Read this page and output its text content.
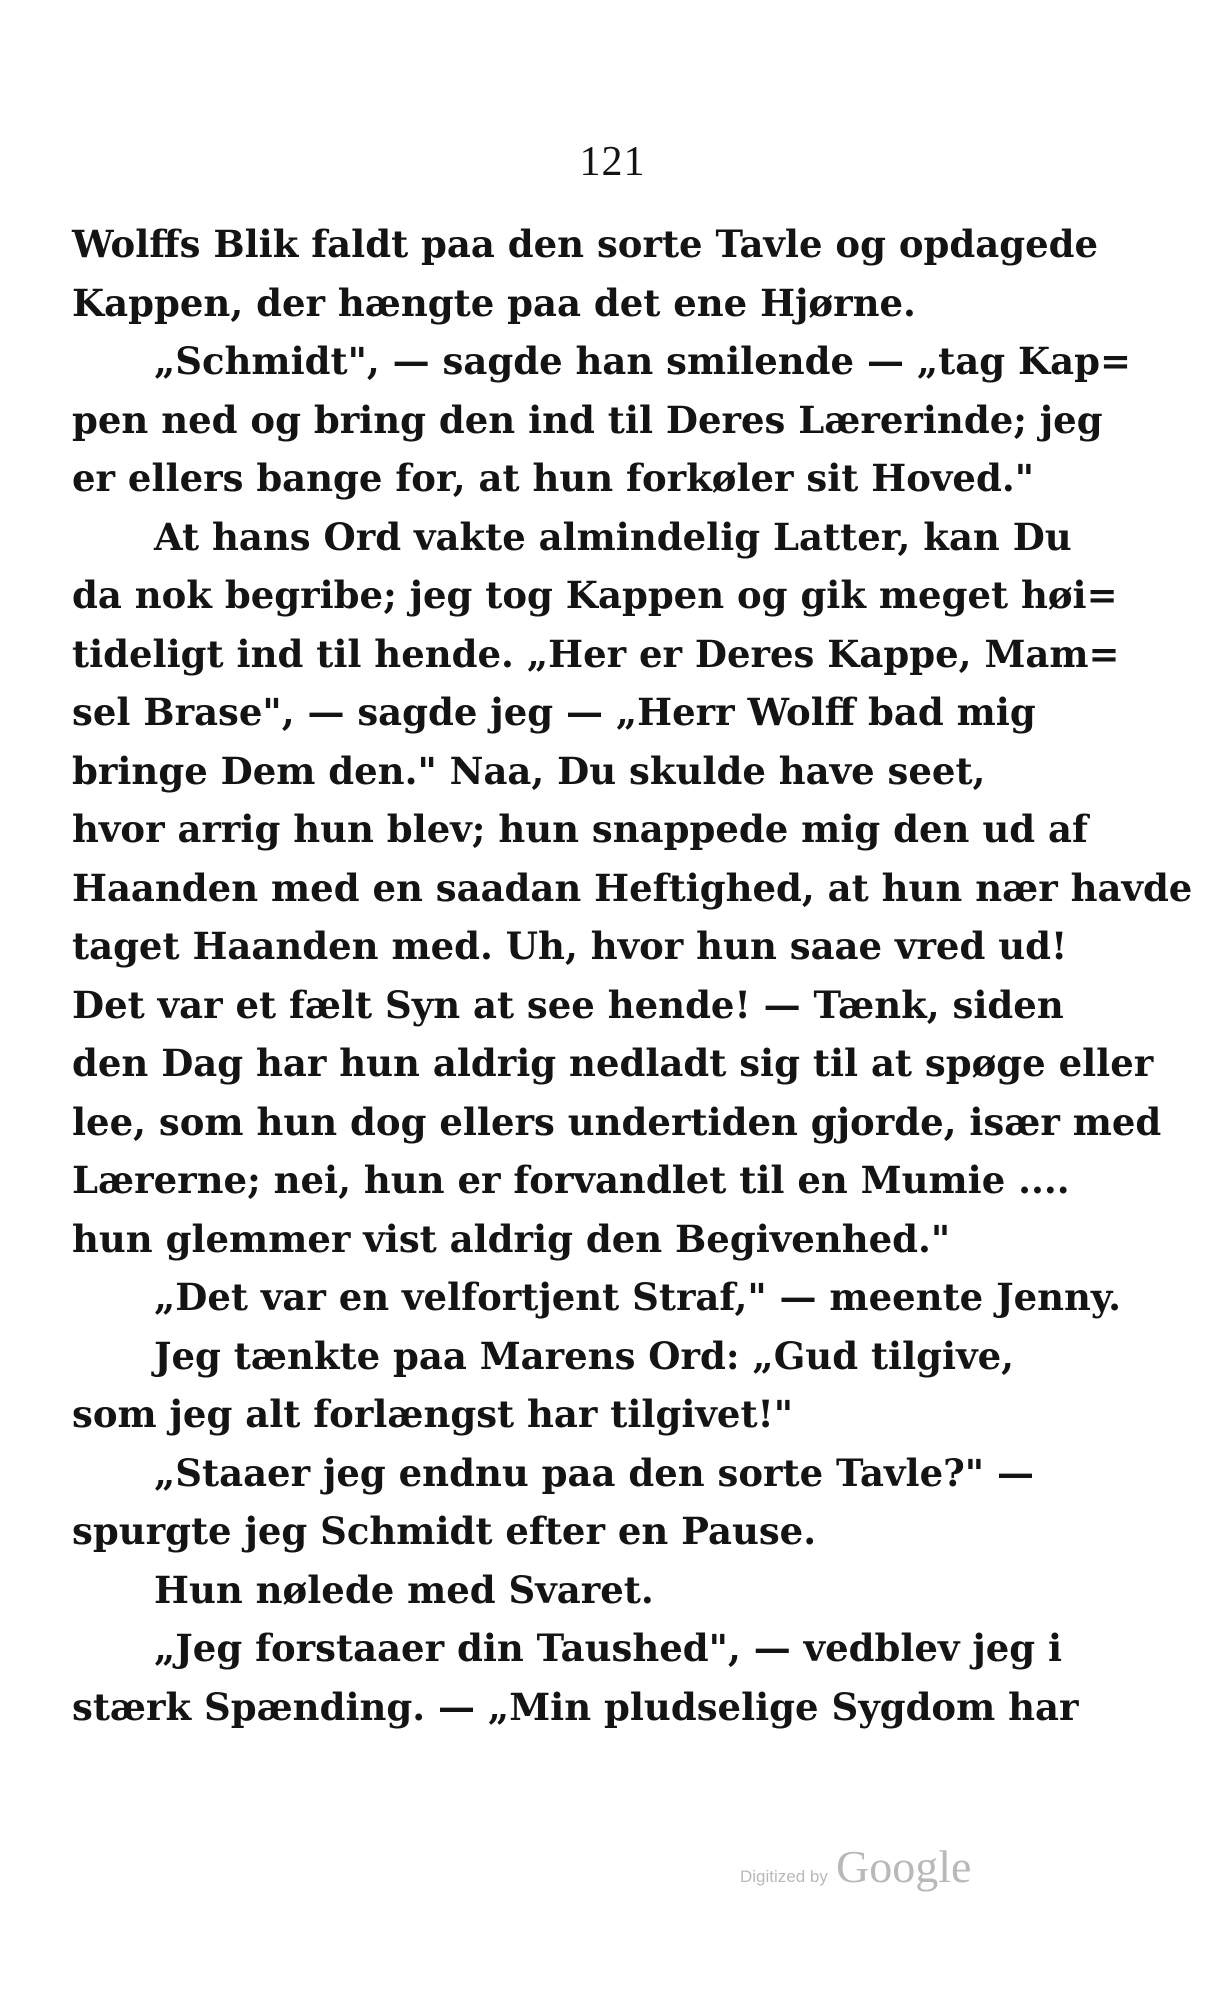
121
Wolffs Blik faldt paa den sorte Tavle og opdagede
Kappen, der hængte paa det ene Hjørne.
„Schmidt", — sagde han smilende — „tag Kap=
pen ned og bring den ind til Deres Lærerinde; jeg
er ellers bange for, at hun forkøler sit Hoved."
At hans Ord vakte almindelig Latter, kan Du
da nok begribe; jeg tog Kappen og gik meget høi=
tideligt ind til hende. „Her er Deres Kappe, Mam=
sel Brase", — sagde jeg — „Herr Wolff bad mig
bringe Dem den." Naa, Du skulde have seet,
hvor arrig hun blev; hun snappede mig den ud af
Haanden med en saadan Heftighed, at hun nær havde
taget Haanden med. Uh, hvor hun saae vred ud!
Det var et fælt Syn at see hende! — Tænk, siden
den Dag har hun aldrig nedladt sig til at spøge eller
lee, som hun dog ellers undertiden gjorde, især med
Lærerne; nei, hun er forvandlet til en Mumie ....
hun glemmer vist aldrig den Begivenhed."
„Det var en velfortjent Straf," — meente Jenny.
Jeg tænkte paa Marens Ord: „Gud tilgive,
som jeg alt forlængst har tilgivet!"
„Staaer jeg endnu paa den sorte Tavle?" —
spurgte jeg Schmidt efter en Pause.
Hun nølede med Svaret.
„Jeg forstaaer din Taushed", — vedblev jeg i
stærk Spænding. — „Min pludselige Sygdom har
Digitized by Google
